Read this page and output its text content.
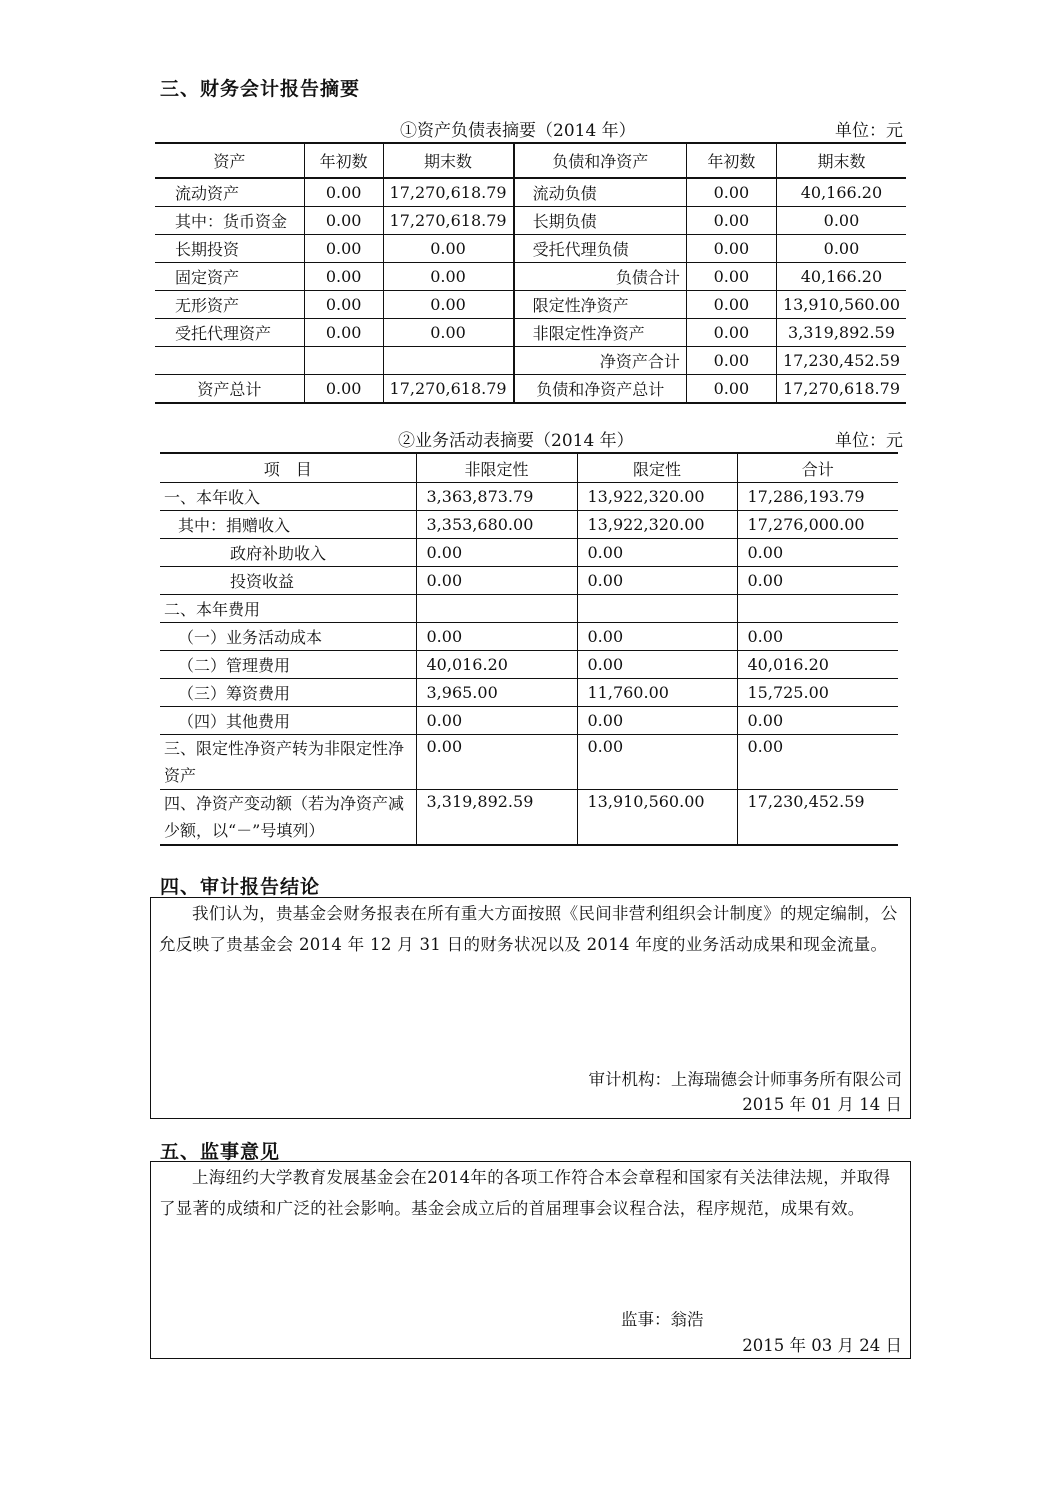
三、财务会计报告摘要
①资产负债表摘要（2014 年）	单位：元
资产	年初数	期末数	负债和净资产	年初数	期末数
流动资产	0.00	17,270,618.79	流动负债	0.00	40,166.20
其中：货币资金	0.00	17,270,618.79	长期负债	0.00	0.00
长期投资	0.00	0.00	受托代理负债	0.00	0.00
固定资产	0.00	0.00	负债合计	0.00	40,166.20
无形资产	0.00	0.00	限定性净资产	0.00	13,910,560.00
受托代理资产	0.00	0.00	非限定性净资产	0.00	3,319,892.59
			净资产合计	0.00	17,230,452.59
资产总计	0.00	17,270,618.79	负债和净资产总计	0.00	17,270,618.79
②业务活动表摘要（2014 年）	单位：元
项　目	非限定性	限定性	合计
一、本年收入	3,363,873.79	13,922,320.00	17,286,193.79
其中：捐赠收入	3,353,680.00	13,922,320.00	17,276,000.00
政府补助收入	0.00	0.00	0.00
投资收益	0.00	0.00	0.00
二、本年费用			
（一）业务活动成本	0.00	0.00	0.00
（二）管理费用	40,016.20	0.00	40,016.20
（三）筹资费用	3,965.00	11,760.00	15,725.00
（四）其他费用	0.00	0.00	0.00
三、限定性净资产转为非限定性净资产	0.00	0.00	0.00
四、净资产变动额（若为净资产减少额，以“－”号填列）	3,319,892.59	13,910,560.00	17,230,452.59
四、审计报告结论
我们认为，贵基金会财务报表在所有重大方面按照《民间非营利组织会计制度》的规定编制，公允反映了贵基金会 2014 年 12 月 31 日的财务状况以及 2014 年度的业务活动成果和现金流量。
审计机构：上海瑞德会计师事务所有限公司
2015 年 01 月 14 日
五、监事意见
上海纽约大学教育发展基金会在2014年的各项工作符合本会章程和国家有关法律法规，并取得了显著的成绩和广泛的社会影响。基金会成立后的首届理事会议程合法，程序规范，成果有效。
监事：翁浩
2015 年 03 月 24 日
